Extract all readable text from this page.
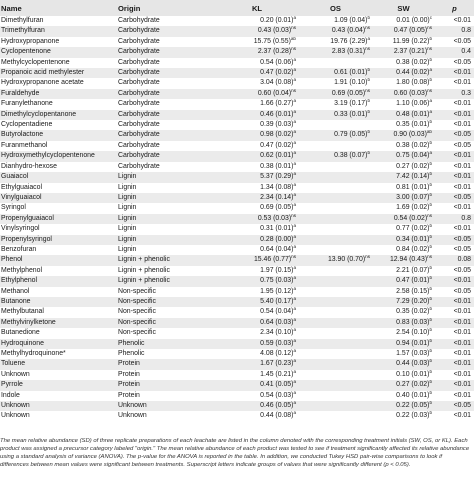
Name	Origin	KL	OS	SW	p
Dimethylfuran	Carbohydrate	0.20 $(0.01)^a$	1.09 $(0.04)^b$	0.01 $(0.00)^c$	<0.01
Trimethylfuran	Carbohydrate	0.43 $(0.03)^{ns}$	0.43 $(0.04)^{ns}$	0.47 $(0.05)^{ns}$	0.8
Hydroxypropanone	Carbohydrate	15.75 $(0.55)^{ab}$	19.76 $(2.29)^a$	11.99 $(0.22)^b$	<0.05
Cyclopentenone	Carbohydrate	2.37 $(0.28)^{ns}$	2.83 $(0.31)^{ns}$	2.37 $(0.21)^{ns}$	0.4
Methylcyclopentenone	Carbohydrate	0.54 $(0.06)^a$		0.38 $(0.02)^b$	<0.05
Propanoic acid methylester	Carbohydrate	0.47 $(0.02)^a$	0.61 $(0.01)^b$	0.44 $(0.02)^a$	<0.01
Hydroxypropanone acetate	Carbohydrate	3.04 $(0.08)^a$	1.91 $(0.10)^b$	1.80 $(0.08)^b$	<0.01
Furaldehyde	Carbohydrate	0.60 $(0.04)^{ns}$	0.69 $(0.05)^{ns}$	0.60 $(0.03)^{ns}$	0.3
Furanylethanone	Carbohydrate	1.66 $(0.27)^a$	3.19 $(0.17)^b$	1.10 $(0.06)^a$	<0.01
Dimethylcyclopentanone	Carbohydrate	0.46 $(0.01)^a$	0.33 $(0.01)^b$	0.48 $(0.01)^a$	<0.01
Cyclopentadiene	Carbohydrate	0.39 $(0.03)^a$		0.35 $(0.01)^b$	<0.01
Butyrolactone	Carbohydrate	0.98 $(0.02)^a$	0.79 $(0.05)^b$	0.90 $(0.03)^{ab}$	<0.05
Furanmethanol	Carbohydrate	0.47 $(0.02)^a$		0.38 $(0.02)^b$	<0.05
Hydroxymethylcyclopentenone	Carbohydrate	0.62 $(0.01)^a$	0.38 $(0.07)^b$	0.75 $(0.04)^a$	<0.01
Dianhydro-hexose	Carbohydrate	0.38 $(0.01)^a$		0.27 $(0.02)^b$	<0.01
Guaiacol	Lignin	5.37 $(0.29)^a$		7.42 $(0.14)^b$	<0.01
Ethylguaiacol	Lignin	1.34 $(0.08)^a$		0.81 $(0.01)^b$	<0.01
Vinylguaiacol	Lignin	2.34 $(0.14)^a$		3.00 $(0.07)^b$	<0.05
Syringol	Lignin	0.69 $(0.05)^a$		1.69 $(0.02)^b$	<0.01
Propenylguaiacol	Lignin	0.53 $(0.03)^{ns}$		0.54 $(0.02)^{ns}$	0.8
Vinylsyringol	Lignin	0.31 $(0.01)^a$		0.77 $(0.02)^b$	<0.01
Propenylsyringol	Lignin	0.28 $(0.00)^a$		0.34 $(0.01)^b$	<0.05
Benzofuran	Lignin	0.64 $(0.04)^a$		0.84 $(0.02)^b$	<0.05
Phenol	Lignin + phenolic	15.46 $(0.77)^{ns}$	13.90 $(0.70)^{ns}$	12.94 $(0.43)^{ns}$	0.08
Methylphenol	Lignin + phenolic	1.97 $(0.15)^a$		2.21 $(0.07)^b$	<0.05
Ethylphenol	Lignin + phenolic	0.75 $(0.03)^a$		0.47 $(0.01)^b$	<0.01
Methanol	Non-specific	1.95 $(0.12)^a$		2.58 $(0.15)^b$	<0.05
Butanone	Non-specific	5.40 $(0.17)^a$		7.29 $(0.20)^b$	<0.01
Methylbutanal	Non-specific	0.54 $(0.04)^a$		0.35 $(0.02)^b$	<0.01
Methylvinylketone	Non-specific	0.64 $(0.03)^a$		0.83 $(0.03)^b$	<0.01
Butanedione	Non-specific	2.34 $(0.10)^a$		2.54 $(0.10)^b$	<0.01
Hydroquinone	Phenolic	0.59 $(0.03)^a$		0.94 $(0.01)^b$	<0.01
Methylhydroquinone*	Phenolic	4.08 $(0.12)^a$		1.57 $(0.03)^b$	<0.01
Toluene	Protein	1.67 $(0.23)^a$		0.44 $(0.03)^b$	<0.01
Unknown	Protein	1.45 $(0.21)^a$		0.10 $(0.01)^b$	<0.01
Pyrrole	Protein	0.41 $(0.05)^a$		0.27 $(0.02)^b$	<0.01
Indole	Protein	0.54 $(0.03)^a$		0.40 $(0.01)^b$	<0.01
Unknown	Unknown	0.46 $(0.05)^a$		0.22 $(0.05)^b$	<0.05
Unknown	Unknown	0.44 $(0.08)^a$		0.22 $(0.03)^b$	<0.01
The mean relative abundance (SD) of three replicate preparations of each leachate are listed in the column denoted with the corresponding treatment initials (SW, OS, or KL). Each product was assigned a precursor category labeled "origin." The mean relative abundance of each product was tested to see if treatment significantly affected its relative abundance using a standard analysis of variance (ANOVA). The p-value for the ANOVA is reported in the table. In addition, we conducted Tukey HSD pair-wise comparisons to look if differences between mean values were significant between treatments. Superscript letters indicate groups of values that were significantly different (p < 0.05).
